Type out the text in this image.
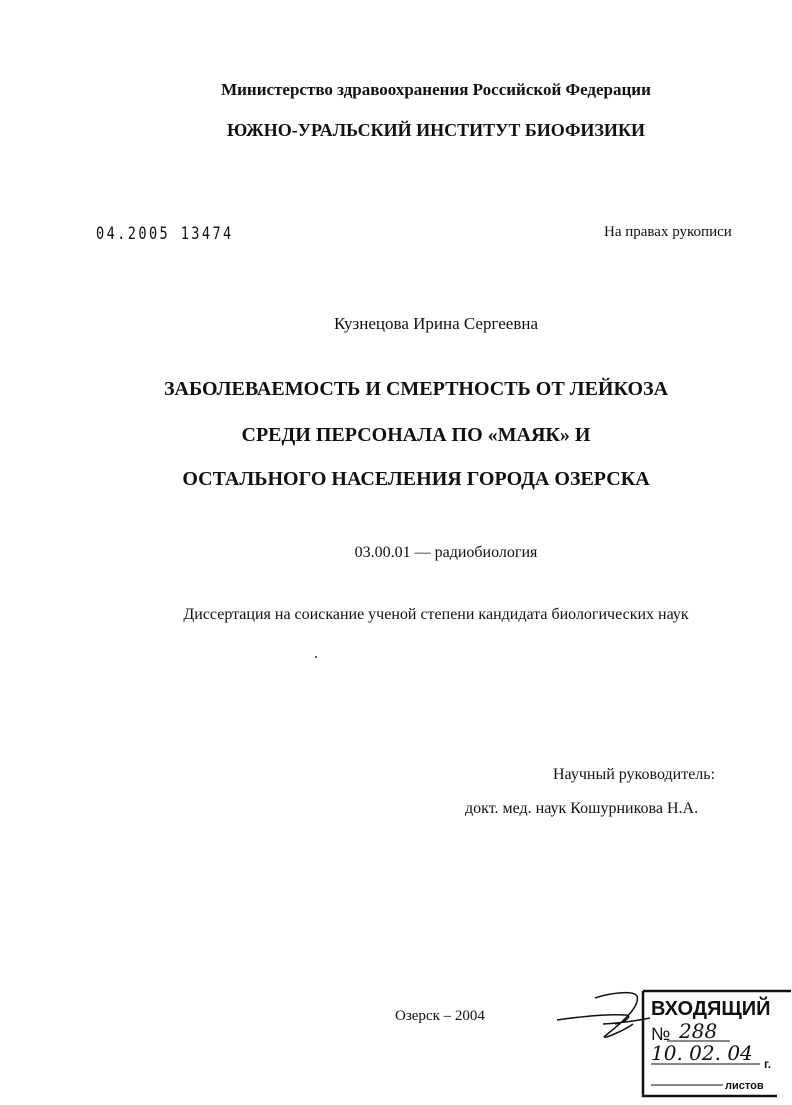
Министерство здравоохранения Российской Федерации
ЮЖНО-УРАЛЬСКИЙ ИНСТИТУТ БИОФИЗИКИ
04.2005 13474	На правах рукописи
Кузнецова Ирина Сергеевна
ЗАБОЛЕВАЕМОСТЬ И СМЕРТНОСТЬ ОТ ЛЕЙКОЗА
СРЕДИ ПЕРСОНАЛА ПО «МАЯК» И
ОСТАЛЬНОГО НАСЕЛЕНИЯ ГОРОДА ОЗЕРСКА
03.00.01 — радиобиология
Диссертация на соискание ученой степени кандидата биологических наук
Научный руководитель:
докт. мед. наук Кошурникова Н.А.
Озерск – 2004	ВХОДЯЩИЙ
№ 288
10. 02. 04 г.
листов
